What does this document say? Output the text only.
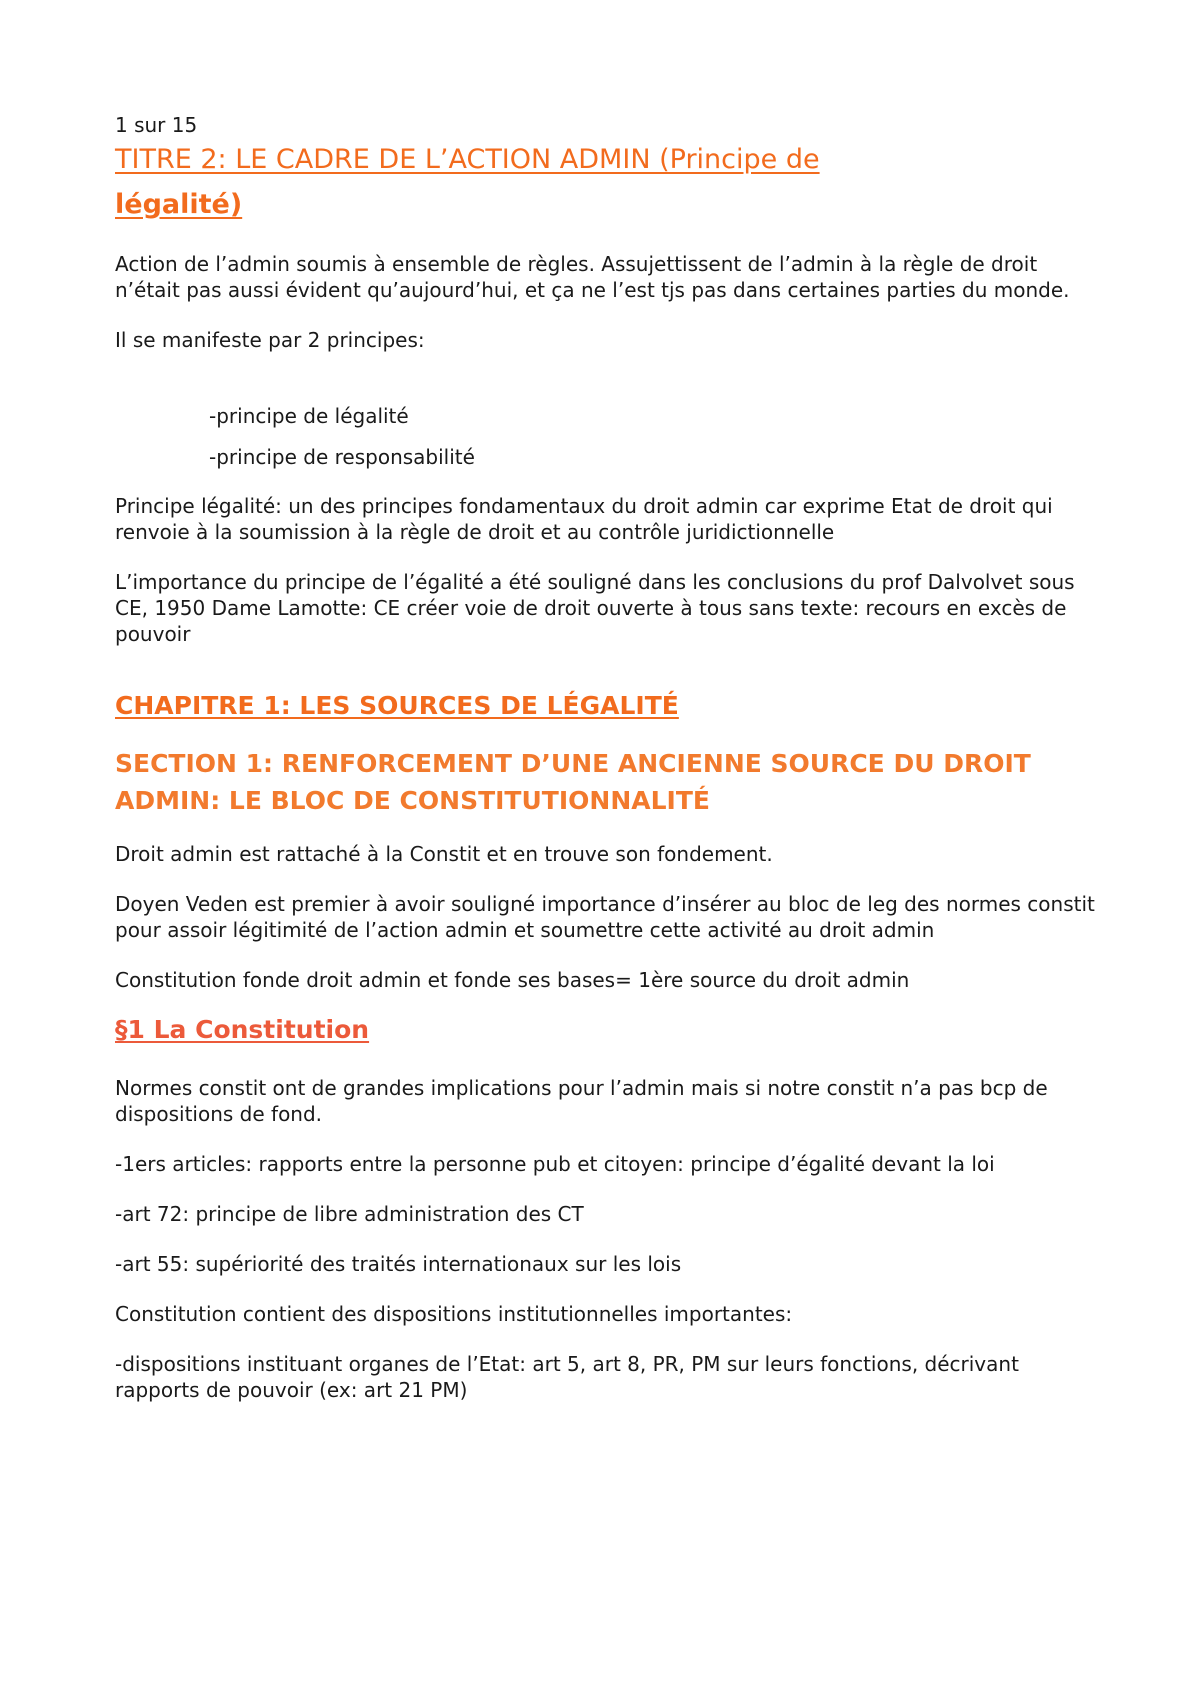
1 sur 15

TITRE 2: LE CADRE DE L’ACTION ADMIN (Principe de
légalité)

Action de l’admin soumis à ensemble de règles. Assujettissent de l’admin à la règle de droit n’était pas aussi évident qu’aujourd’hui, et ça ne l’est tjs pas dans certaines parties du monde.

Il se manifeste par 2 principes:

-principe de légalité

-principe de responsabilité

Principe légalité: un des principes fondamentaux du droit admin car exprime Etat de droit qui renvoie à la soumission à la règle de droit et au contrôle juridictionnelle

L’importance du principe de l’égalité a été souligné dans les conclusions du prof Dalvolvet sous CE, 1950 Dame Lamotte: CE créer voie de droit ouverte à tous sans texte: recours en excès de pouvoir

CHAPITRE 1: LES SOURCES DE LÉGALITÉ
SECTION 1: RENFORCEMENT D’UNE ANCIENNE SOURCE DU DROIT ADMIN: LE BLOC DE CONSTITUTIONNALITÉ

Droit admin est rattaché à la Constit et en trouve son fondement.

Doyen Veden est premier à avoir souligné importance d’insérer au bloc de leg des normes constit pour assoir légitimité de l’action admin et soumettre cette activité au droit admin

Constitution fonde droit admin et fonde ses bases= 1ère source du droit admin

§1 La Constitution

Normes constit ont de grandes implications pour l’admin mais si notre constit n’a pas bcp de dispositions de fond.

-1ers articles: rapports entre la personne pub et citoyen: principe d’égalité devant la loi

-art 72: principe de libre administration des CT

-art 55: supériorité des traités internationaux sur les lois

Constitution contient des dispositions institutionnelles importantes:

-dispositions instituant organes de l’Etat: art 5, art 8, PR, PM sur leurs fonctions, décrivant rapports de pouvoir (ex: art 21 PM)
